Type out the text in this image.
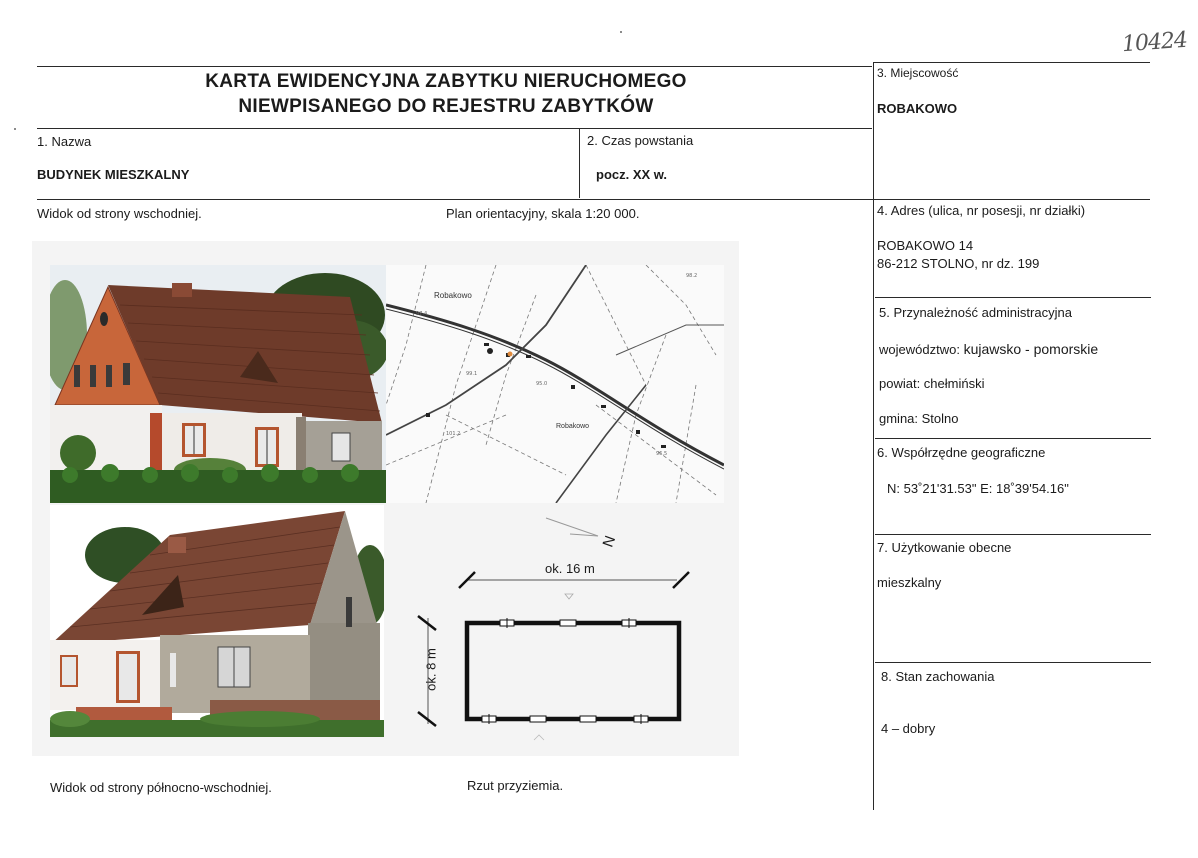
10424
KARTA EWIDENCYJNA ZABYTKU NIERUCHOMEGO
NIEWPISANEGO DO REJESTRU ZABYTKÓW
1. Nazwa
BUDYNEK MIESZKALNY
2. Czas powstania
pocz. XX w.
3. Miejscowość
ROBAKOWO
4. Adres (ulica, nr posesji, nr działki)
ROBAKOWO 14
86-212 STOLNO, nr dz. 199
5. Przynależność administracyjna
województwo: kujawsko - pomorskie
powiat: chełmiński
gmina: Stolno
6. Współrzędne geograficzne
N: 53˚21'31.53" E: 18˚39'54.16"
7. Użytkowanie obecne
mieszkalny
8. Stan zachowania
4 – dobry
Widok od strony wschodniej.	Plan orientacyjny, skala 1:20 000.
Widok od strony północno-wschodniej.	Rzut przyziemia.
97.4
99.1
95.0
96.5
101.2
98.2
Robakowo
Robakowo
N
ok. 16 m
ok. 8 m
